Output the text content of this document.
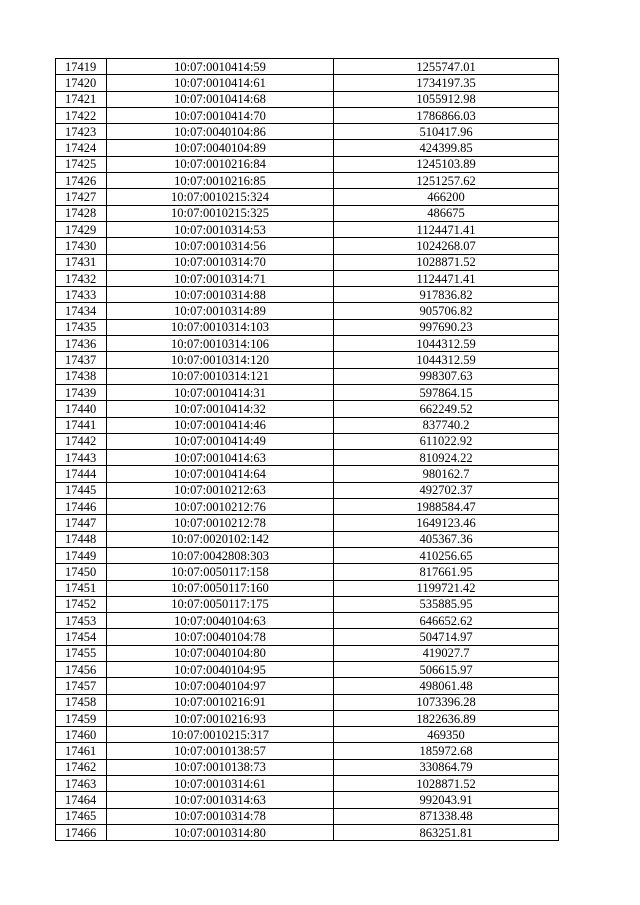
17419	10:07:0010414:59	1255747.01
17420	10:07:0010414:61	1734197.35
17421	10:07:0010414:68	1055912.98
17422	10:07:0010414:70	1786866.03
17423	10:07:0040104:86	510417.96
17424	10:07:0040104:89	424399.85
17425	10:07:0010216:84	1245103.89
17426	10:07:0010216:85	1251257.62
17427	10:07:0010215:324	466200
17428	10:07:0010215:325	486675
17429	10:07:0010314:53	1124471.41
17430	10:07:0010314:56	1024268.07
17431	10:07:0010314:70	1028871.52
17432	10:07:0010314:71	1124471.41
17433	10:07:0010314:88	917836.82
17434	10:07:0010314:89	905706.82
17435	10:07:0010314:103	997690.23
17436	10:07:0010314:106	1044312.59
17437	10:07:0010314:120	1044312.59
17438	10:07:0010314:121	998307.63
17439	10:07:0010414:31	597864.15
17440	10:07:0010414:32	662249.52
17441	10:07:0010414:46	837740.2
17442	10:07:0010414:49	611022.92
17443	10:07:0010414:63	810924.22
17444	10:07:0010414:64	980162.7
17445	10:07:0010212:63	492702.37
17446	10:07:0010212:76	1988584.47
17447	10:07:0010212:78	1649123.46
17448	10:07:0020102:142	405367.36
17449	10:07:0042808:303	410256.65
17450	10:07:0050117:158	817661.95
17451	10:07:0050117:160	1199721.42
17452	10:07:0050117:175	535885.95
17453	10:07:0040104:63	646652.62
17454	10:07:0040104:78	504714.97
17455	10:07:0040104:80	419027.7
17456	10:07:0040104:95	506615.97
17457	10:07:0040104:97	498061.48
17458	10:07:0010216:91	1073396.28
17459	10:07:0010216:93	1822636.89
17460	10:07:0010215:317	469350
17461	10:07:0010138:57	185972.68
17462	10:07:0010138:73	330864.79
17463	10:07:0010314:61	1028871.52
17464	10:07:0010314:63	992043.91
17465	10:07:0010314:78	871338.48
17466	10:07:0010314:80	863251.81
